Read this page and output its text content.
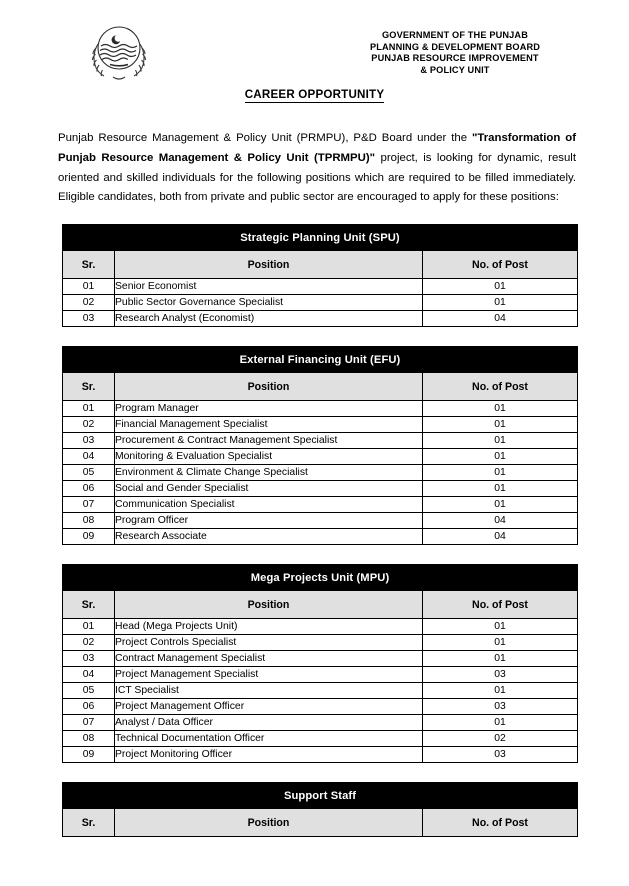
GOVERNMENT OF THE PUNJAB
PLANNING & DEVELOPMENT BOARD
PUNJAB RESOURCE IMPROVEMENT
& POLICY UNIT
CAREER OPPORTUNITY

Punjab Resource Management & Policy Unit (PRMPU), P&D Board under the "Transformation of Punjab Resource Management & Policy Unit (TPRMPU)" project, is looking for dynamic, result oriented and skilled individuals for the following positions which are required to be filled immediately. Eligible candidates, both from private and public sector are encouraged to apply for these positions:

Strategic Planning Unit (SPU)		
Sr.	Position	No. of Post
01	Senior Economist	01
02	Public Sector Governance Specialist	01
03	Research Analyst (Economist)	04
External Financing Unit (EFU)		
Sr.	Position	No. of Post
01	Program Manager	01
02	Financial Management Specialist	01
03	Procurement & Contract Management Specialist	01
04	Monitoring & Evaluation Specialist	01
05	Environment & Climate Change Specialist	01
06	Social and Gender Specialist	01
07	Communication Specialist	01
08	Program Officer	04
09	Research Associate	04
Mega Projects Unit (MPU)		
Sr.	Position	No. of Post
01	Head (Mega Projects Unit)	01
02	Project Controls Specialist	01
03	Contract Management Specialist	01
04	Project Management Specialist	03
05	ICT Specialist	01
06	Project Management Officer	03
07	Analyst / Data Officer	01
08	Technical Documentation Officer	02
09	Project Monitoring Officer	03
Support Staff
Sr.	Position	No. of Post
